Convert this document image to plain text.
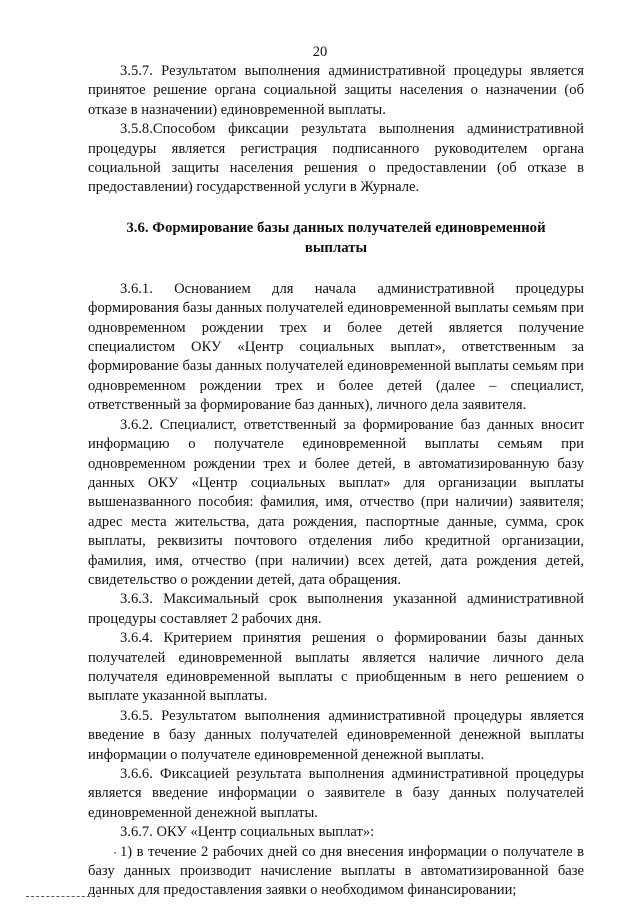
20

3.5.7. Результатом выполнения административной процедуры является принятое решение органа социальной защиты населения о назначении (об отказе в назначении) единовременной выплаты.

3.5.8.Способом фиксации результата выполнения административной процедуры является регистрация подписанного руководителем органа социальной защиты населения решения о предоставлении (об отказе в предоставлении) государственной услуги в Журнале.

3.6. Формирование базы данных получателей единовременной выплаты

3.6.1. Основанием для начала административной процедуры формирования базы данных получателей единовременной выплаты семьям при одновременном рождении трех и более детей является получение специалистом ОКУ «Центр социальных выплат», ответственным за формирование базы данных получателей единовременной выплаты семьям при одновременном рождении трех и более детей (далее – специалист, ответственный за формирование баз данных), личного дела заявителя.

3.6.2. Специалист, ответственный за формирование баз данных вносит информацию о получателе единовременной выплаты семьям при одновременном рождении трех и более детей, в автоматизированную базу данных ОКУ «Центр социальных выплат» для организации выплаты вышеназванного пособия: фамилия, имя, отчество (при наличии) заявителя; адрес места жительства, дата рождения, паспортные данные, сумма, срок выплаты, реквизиты почтового отделения либо кредитной организации, фамилия, имя, отчество (при наличии) всех детей, дата рождения детей, свидетельство о рождении детей, дата обращения.

3.6.3. Максимальный срок выполнения указанной административной процедуры составляет 2 рабочих дня.

3.6.4. Критерием принятия решения о формировании базы данных получателей единовременной выплаты является наличие личного дела получателя единовременной выплаты с приобщенным в него решением о выплате указанной выплаты.

3.6.5. Результатом выполнения административной процедуры является введение в базу данных получателей единовременной денежной выплаты информации о получателе единовременной денежной выплаты.

3.6.6. Фиксацией результата выполнения административной процедуры является введение информации о заявителе в базу данных получателей единовременной денежной выплаты.

3.6.7. ОКУ «Центр социальных выплат»:

1) в течение 2 рабочих дней со дня внесения информации о получателе в базу данных производит начисление выплаты в автоматизированной базе данных для предоставления заявки о необходимом финансировании;
